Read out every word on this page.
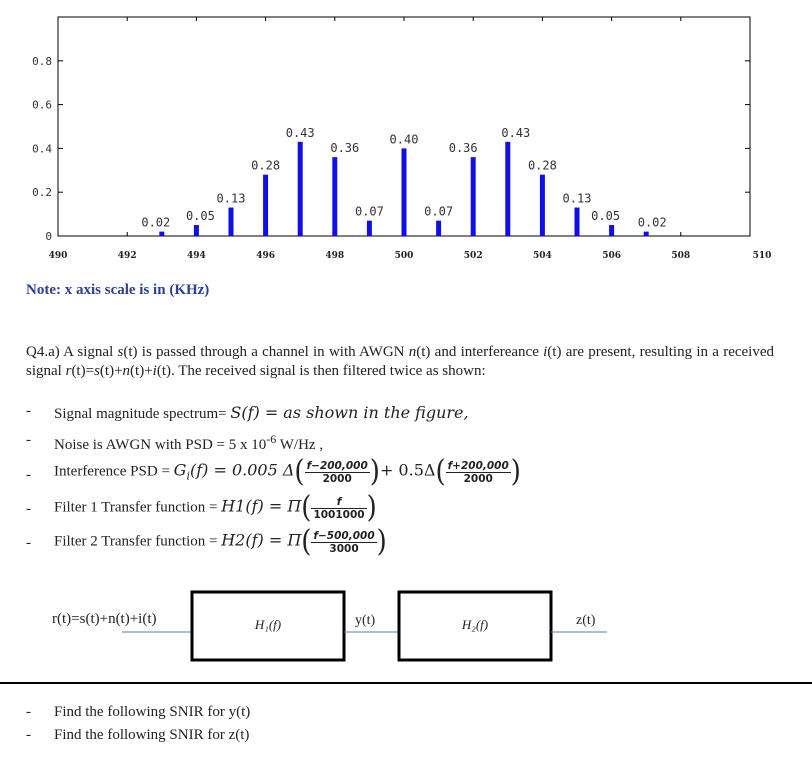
0.02 0.05
0.13
0.28
0.43
0.36
0.07
0.40
0.07
0.36
0.43
0.28
0.13
0.05 0.02
0
0.2
0.4
0.6
0.8
490	492	494	496	498	500	502	504	506	508	510
Note: x axis scale is in (KHz)
Q4.a) A signal s(t) is passed through a channel in with AWGN n(t) and interfereance i(t) are present, resulting in a received signal r(t)=s(t)+n(t)+i(t). The received signal is then filtered twice as shown:
- Signal magnitude spectrum= S(f) = as shown in the figure,
- Noise is AWGN with PSD = 5 x $10^{-6}$ W/Hz ,
- Interference PSD = $G_i(f) = 0.005$ $\Delta( \frac{f-200,000}{2000}$ )+ $0.5\Delta( \frac{f+200,000}{2000}$ )
- Filter 1 Transfer function = $H1(f) = \Pi( \frac{f}{1001000}$ )
- Filter 2 Transfer function = $H2(f) = \Pi( \frac{f-500,000}{3000}$ )
r(t)=s(t)+n(t)+i(t)	H₁(f)	y(t)	H₂(f)	z(t)
- Find the following SNIR for y(t)
- Find the following SNIR for z(t)
